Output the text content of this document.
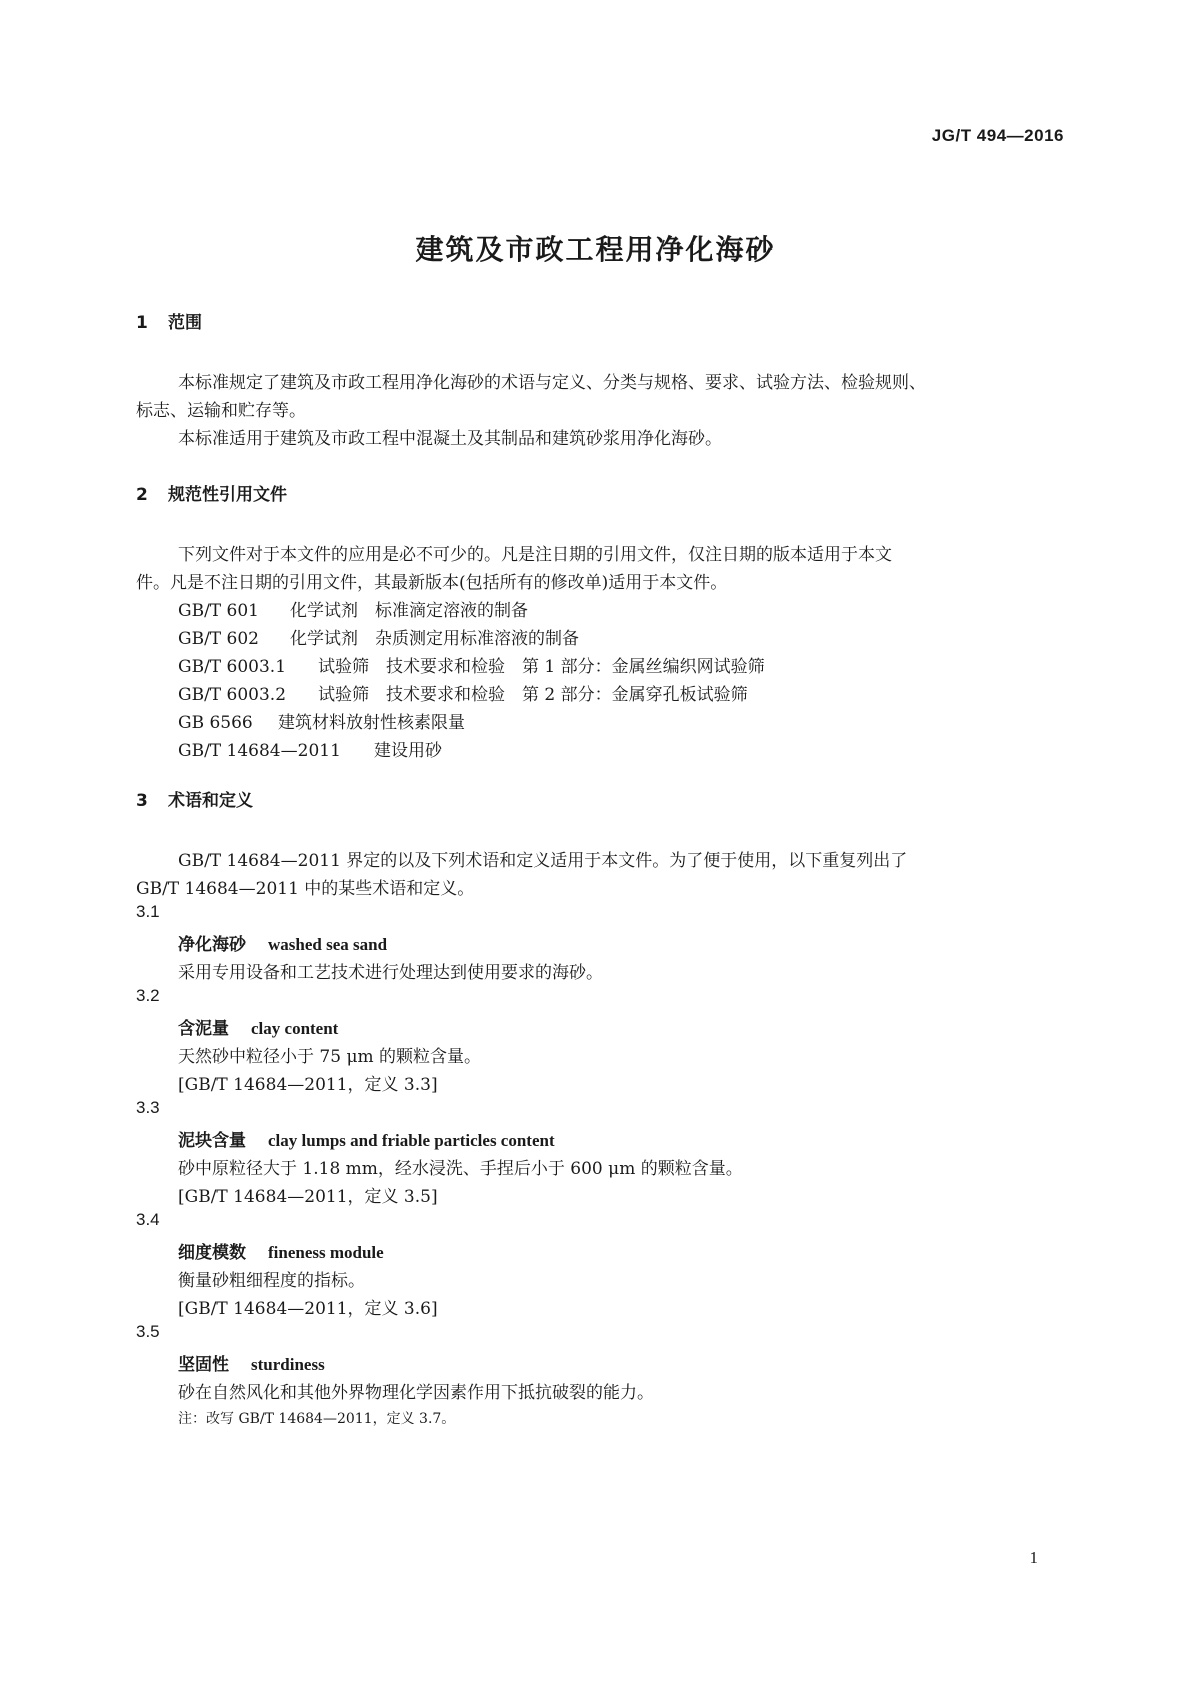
JG/T 494—2016
建筑及市政工程用净化海砂
1 范围
本标准规定了建筑及市政工程用净化海砂的术语与定义、分类与规格、要求、试验方法、检验规则、
标志、运输和贮存等。
本标准适用于建筑及市政工程中混凝土及其制品和建筑砂浆用净化海砂。
2 规范性引用文件
下列文件对于本文件的应用是必不可少的。凡是注日期的引用文件，仅注日期的版本适用于本文
件。凡是不注日期的引用文件，其最新版本(包括所有的修改单)适用于本文件。
GB/T 601 化学试剂　标准滴定溶液的制备
GB/T 602 化学试剂　杂质测定用标准溶液的制备
GB/T 6003.1 试验筛　技术要求和检验　第 1 部分：金属丝编织网试验筛
GB/T 6003.2 试验筛　技术要求和检验　第 2 部分：金属穿孔板试验筛
GB 6566 建筑材料放射性核素限量
GB/T 14684—2011 建设用砂
3 术语和定义
GB/T 14684—2011 界定的以及下列术语和定义适用于本文件。为了便于使用，以下重复列出了
GB/T 14684—2011 中的某些术语和定义。
3.1
净化海砂 washed sea sand
采用专用设备和工艺技术进行处理达到使用要求的海砂。
3.2
含泥量 clay content
天然砂中粒径小于 75 μm 的颗粒含量。
[GB/T 14684—2011，定义 3.3]
3.3
泥块含量 clay lumps and friable particles content
砂中原粒径大于 1.18 mm，经水浸洗、手捏后小于 600 μm 的颗粒含量。
[GB/T 14684—2011，定义 3.5]
3.4
细度模数 fineness module
衡量砂粗细程度的指标。
[GB/T 14684—2011，定义 3.6]
3.5
坚固性 sturdiness
砂在自然风化和其他外界物理化学因素作用下抵抗破裂的能力。
注：改写 GB/T 14684—2011，定义 3.7。
1
